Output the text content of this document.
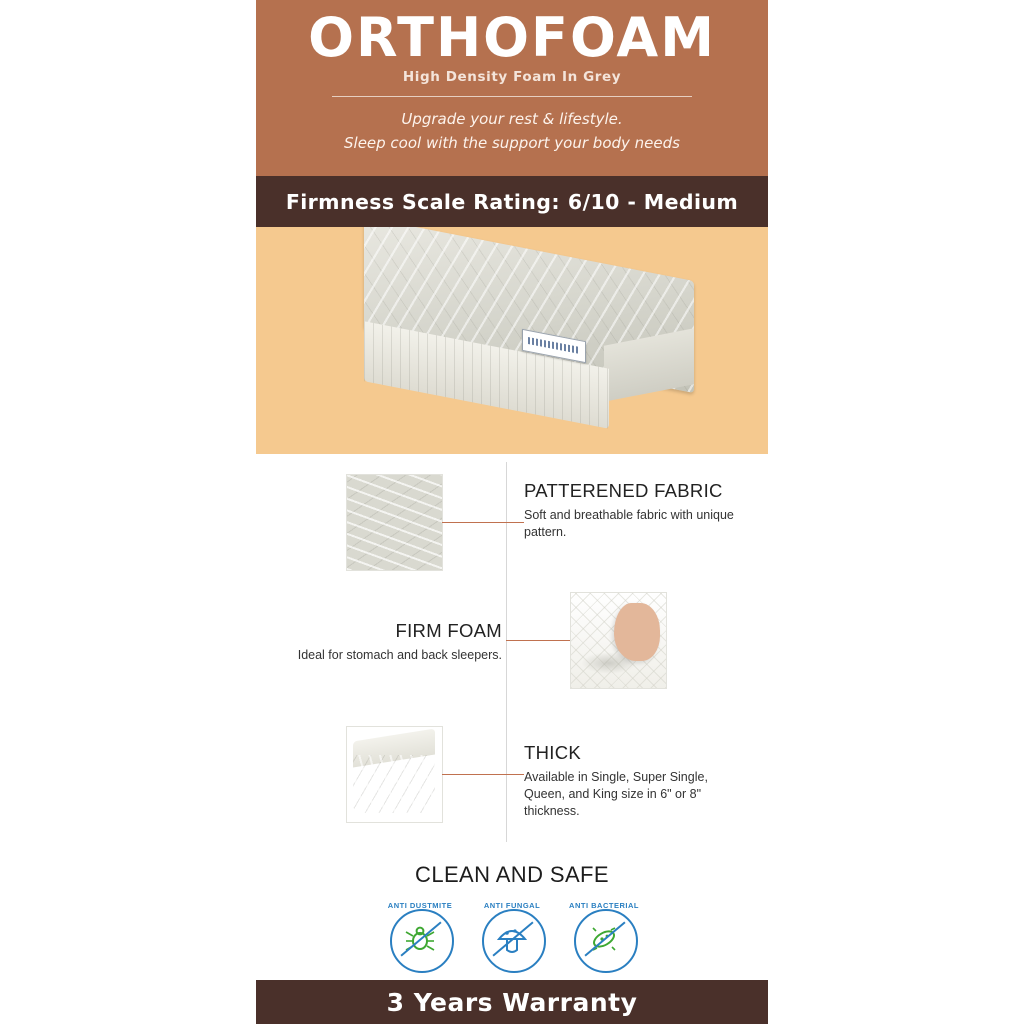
ORTHOFOAM
High Density Foam In Grey
Upgrade your rest & lifestyle.
Sleep cool with the support your body needs
Firmness Scale Rating: 6/10 - Medium
PATTERENED FABRIC

Soft and breathable fabric with unique pattern.

FIRM FOAM

Ideal for stomach and back sleepers.

THICK

Available in Single, Super Single, Queen, and King size in 6" or 8" thickness.

CLEAN AND SAFE
ANTI DUSTMITE	ANTI FUNGAL	ANTI BACTERIAL
3 Years Warranty
